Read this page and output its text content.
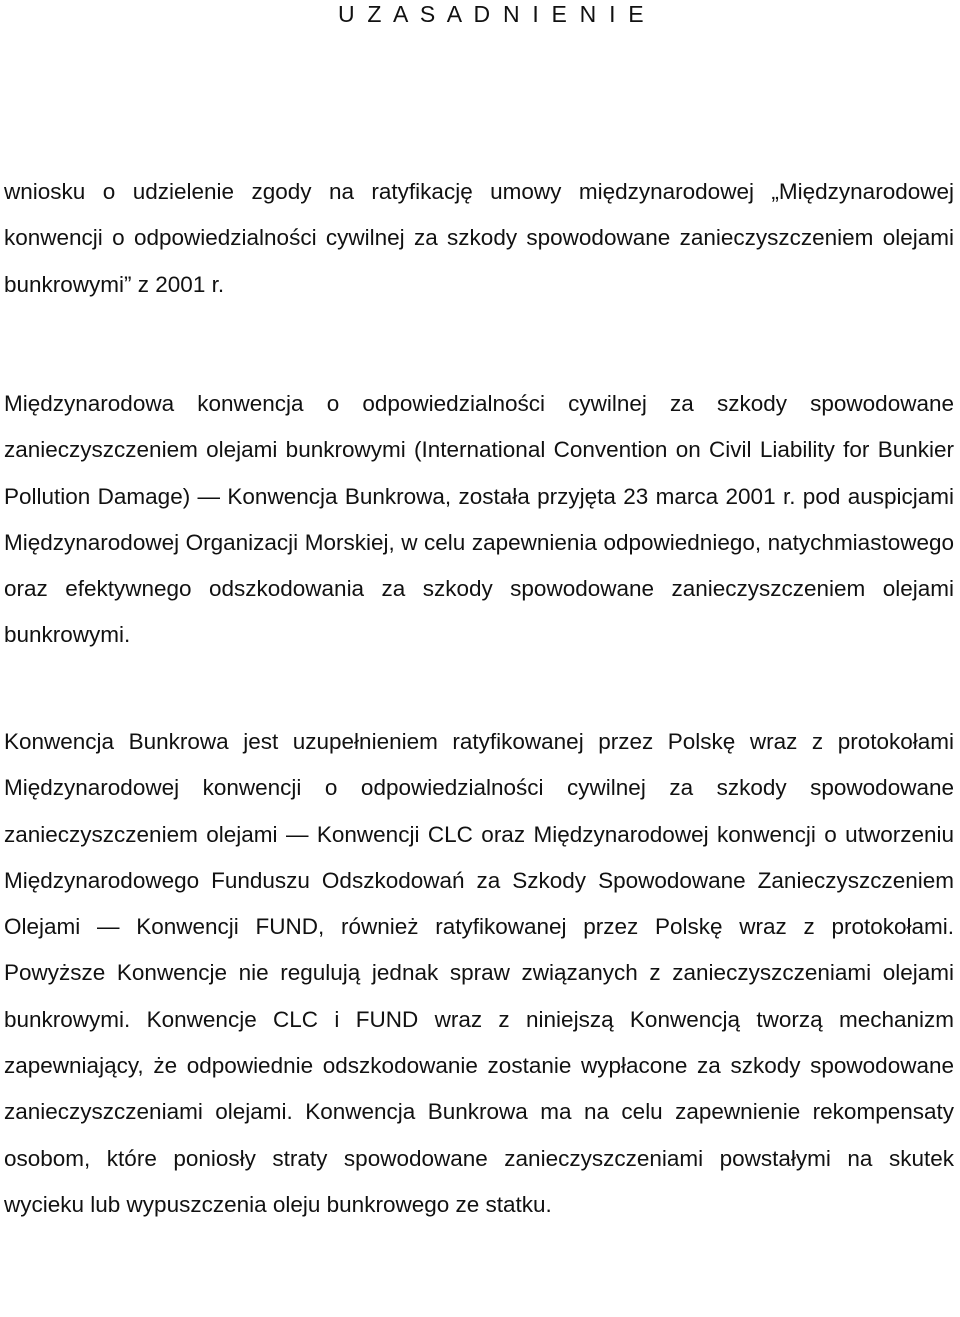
U Z A S A D N I E N I E

wniosku o udzielenie zgody na ratyfikację umowy międzynarodowej „Międzynarodowej konwencji o odpowiedzialności cywilnej za szkody spowodowane zanieczyszczeniem olejami bunkrowymi” z 2001 r.

Międzynarodowa konwencja o odpowiedzialności cywilnej za szkody spowodowane zanieczyszczeniem olejami bunkrowymi (International Convention on Civil Liability for Bunkier Pollution Damage) — Konwencja Bunkrowa, została przyjęta 23 marca 2001 r. pod auspicjami Międzynarodowej Organizacji Morskiej, w celu zapewnienia odpowiedniego, natychmiastowego oraz efektywnego odszkodowania za szkody spowodowane zanieczyszczeniem olejami bunkrowymi.

Konwencja Bunkrowa jest uzupełnieniem ratyfikowanej przez Polskę wraz z protokołami Międzynarodowej konwencji o odpowiedzialności cywilnej za szkody spowodowane zanieczyszczeniem olejami — Konwencji CLC oraz Międzynarodowej konwencji o utworzeniu Międzynarodowego Funduszu Odszkodowań za Szkody Spowodowane Zanieczyszczeniem Olejami — Konwencji FUND, również ratyfikowanej przez Polskę wraz z protokołami. Powyższe Konwencje nie regulują jednak spraw związanych z zanieczyszczeniami olejami bunkrowymi. Konwencje CLC i FUND wraz z niniejszą Konwencją tworzą mechanizm zapewniający, że odpowiednie odszkodowanie zostanie wypłacone za szkody spowodowane zanieczyszczeniami olejami. Konwencja Bunkrowa ma na celu zapewnienie rekompensaty osobom, które poniosły straty spowodowane zanieczyszczeniami powstałymi na skutek wycieku lub wypuszczenia oleju bunkrowego ze statku.
